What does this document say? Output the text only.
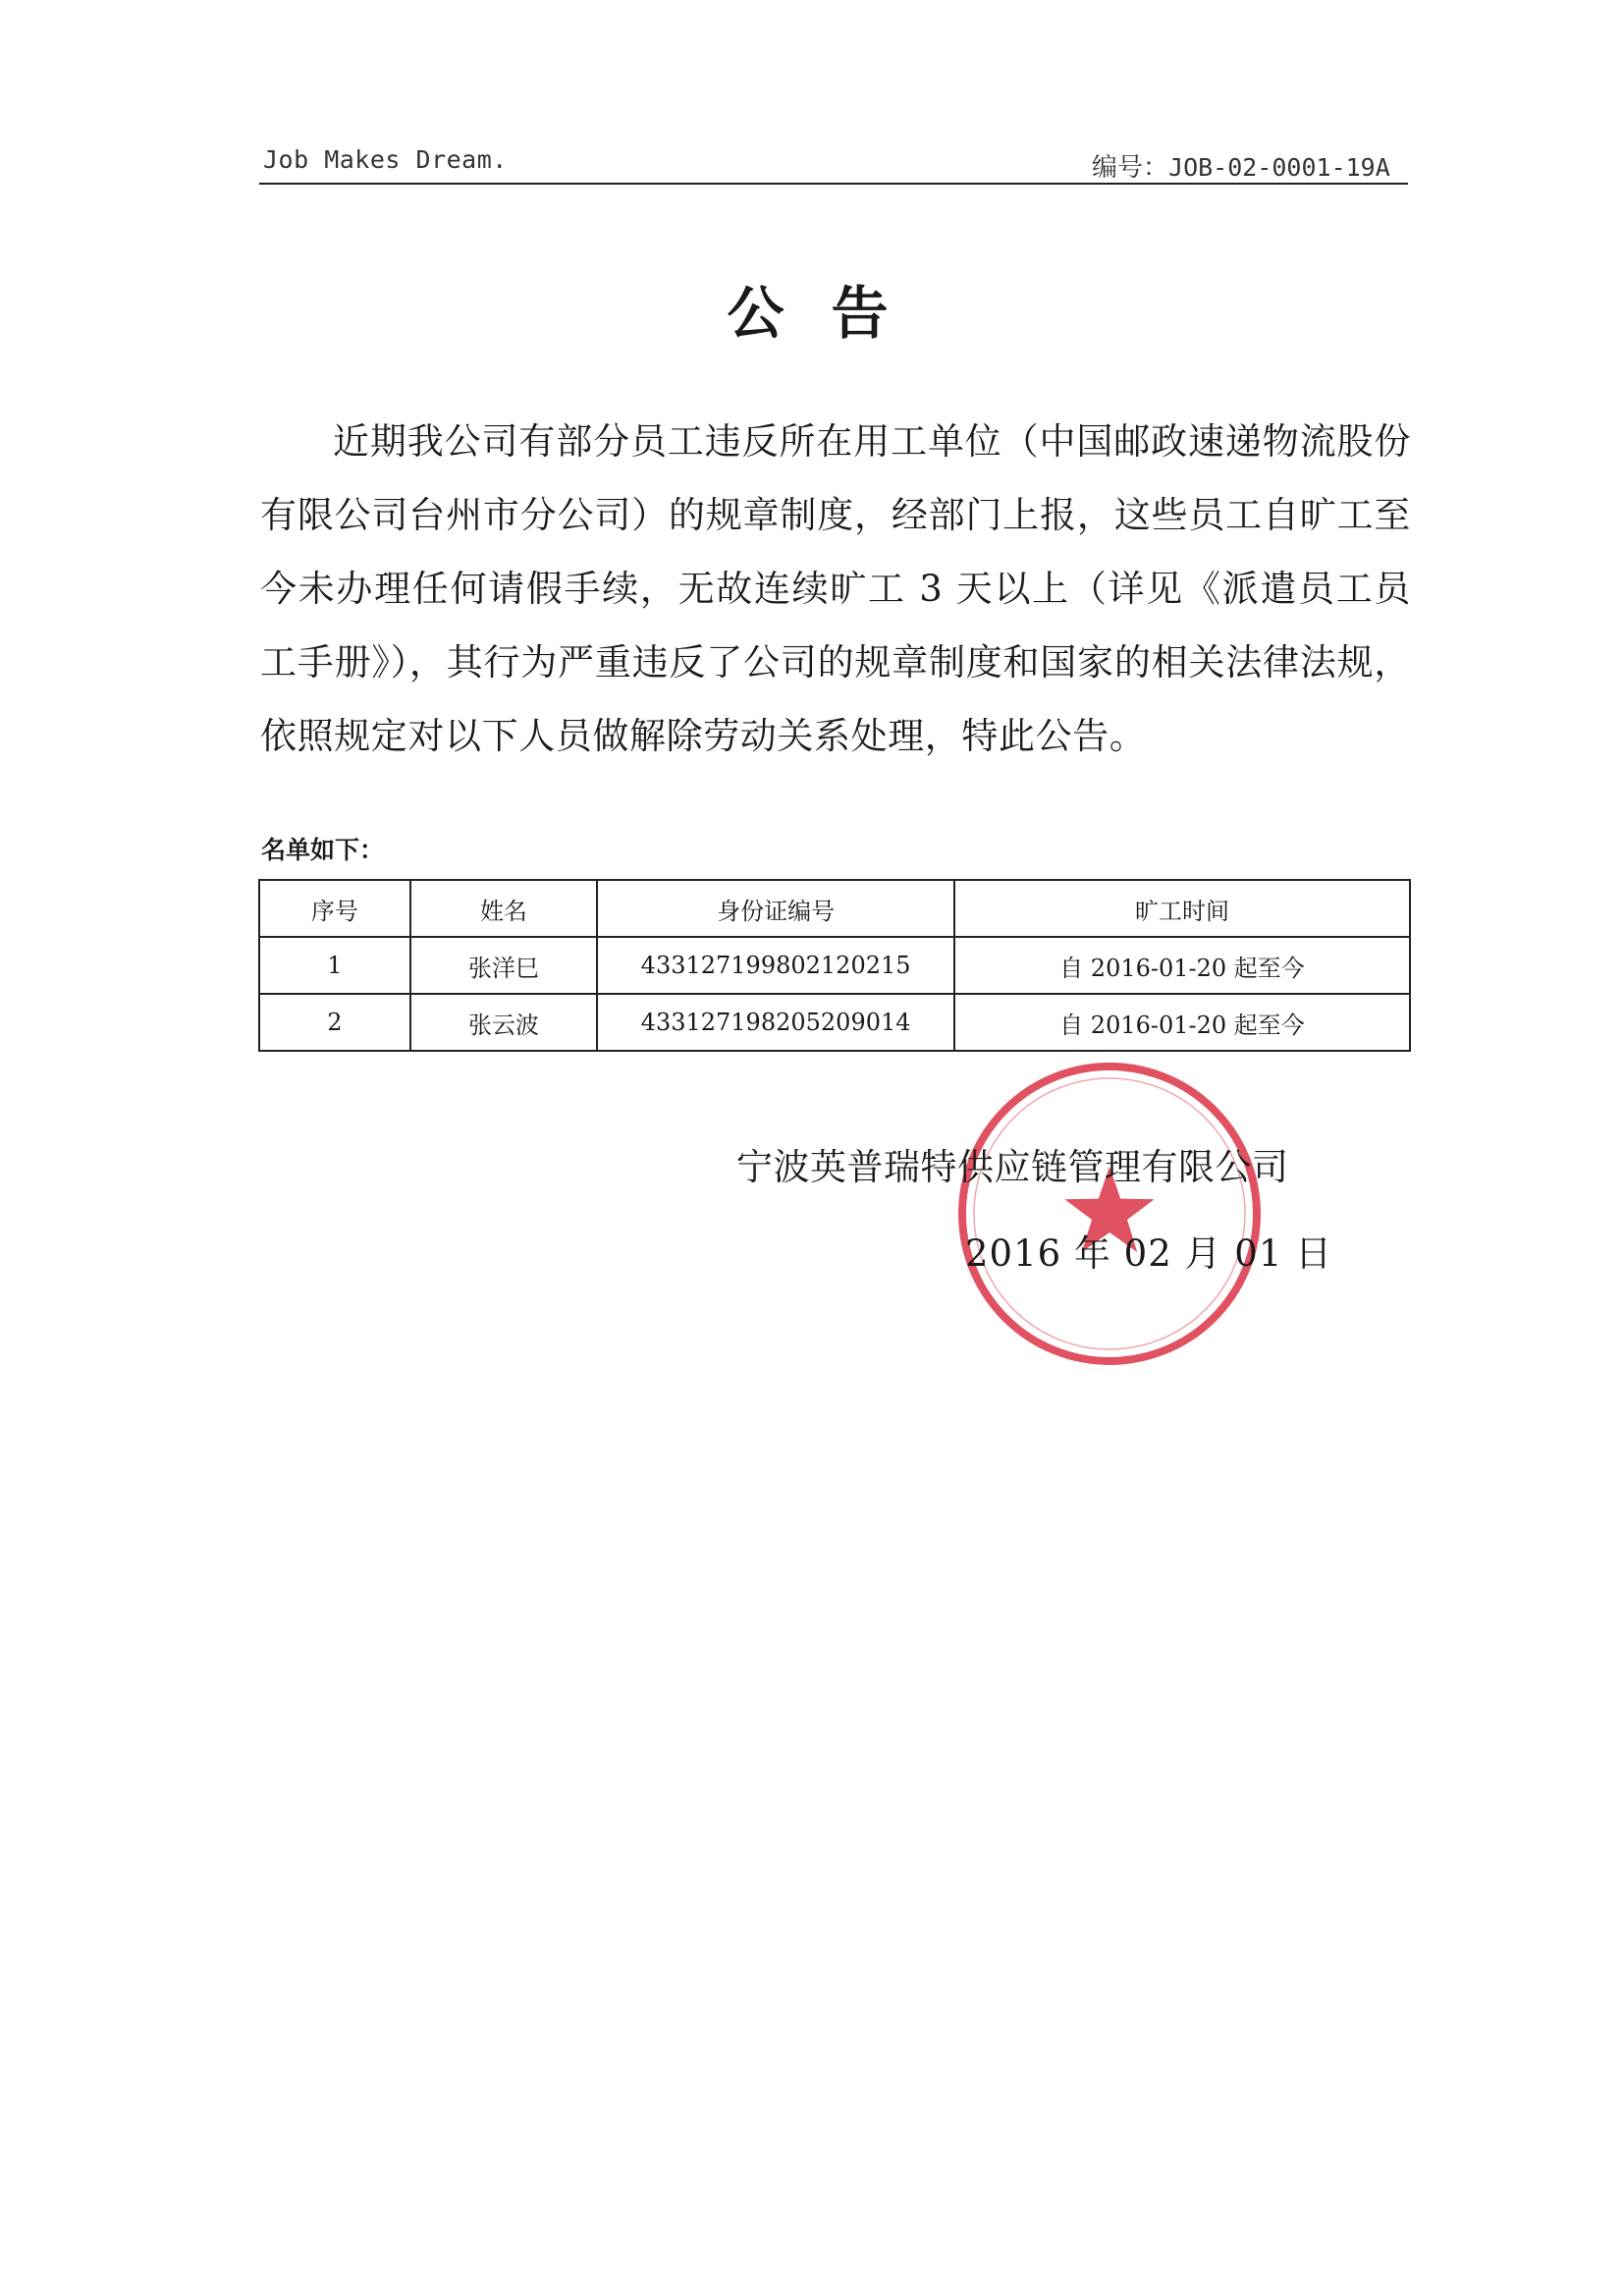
Job Makes Dream.	编号：JOB-02-0001-19A
公告
近期我公司有部分员工违反所在用工单位（中国邮政速递物流股份有限公司台州市分公司）的规章制度，经部门上报，这些员工自旷工至今未办理任何请假手续，无故连续旷工 3 天以上（详见《派遣员工员工手册》），其行为严重违反了公司的规章制度和国家的相关法律法规，依照规定对以下人员做解除劳动关系处理，特此公告。
名单如下：
序号	姓名	身份证编号	旷工时间
1	张洋巳	433127199802120215	自 2016-01-20 起至今
2	张云波	433127198205209014	自 2016-01-20 起至今
宁波英普瑞特供应链管理有限公司
2016 年 02 月 01 日
